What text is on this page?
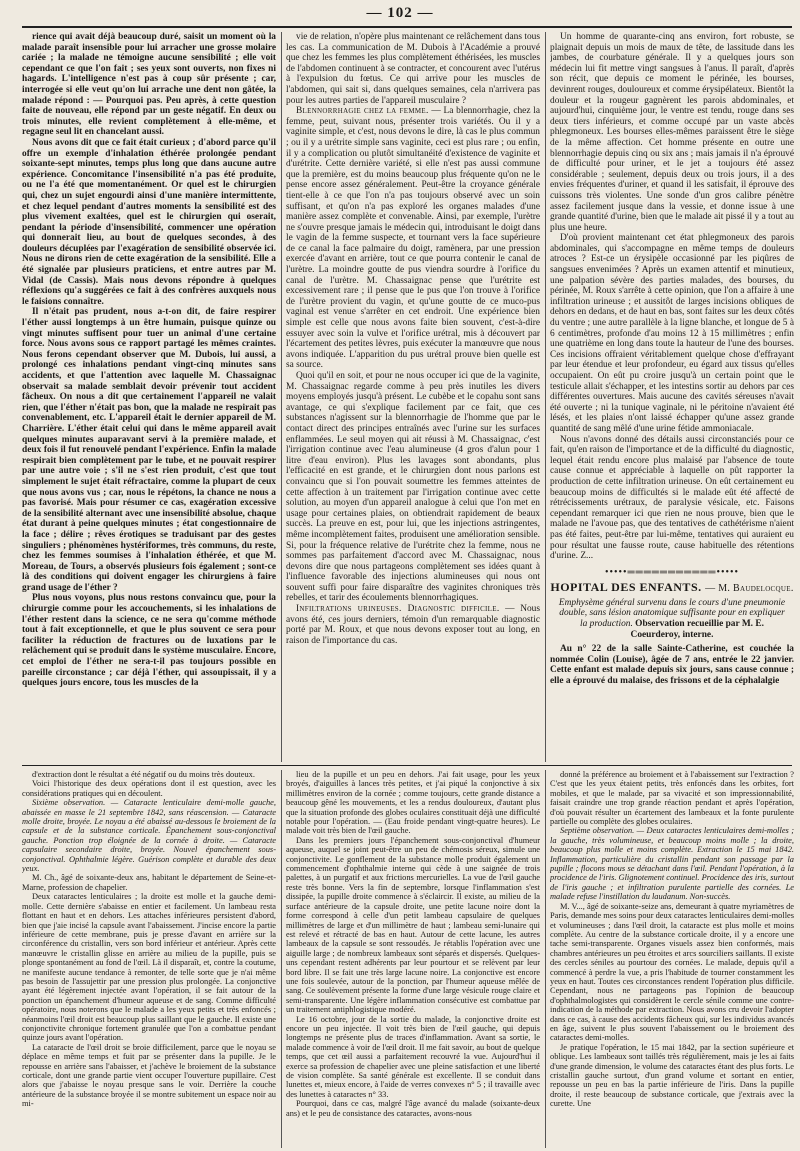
— 102 —

rience qui avait déjà beaucoup duré, saisit un moment où la malade paraît insensible pour lui arracher une grosse molaire cariée ; la malade ne témoigne aucune sensibilité ; elle voit cependant ce que l'on fait ; ses yeux sont ouverts, non fixes ni hagards. L'intelligence n'est pas à coup sûr présente ; car, interrogée si elle veut qu'on lui arrache une dent non gâtée, la malade répond : — Pourquoi pas. Peu après, à cette question faite de nouveau, elle répond par un geste négatif. En deux ou trois minutes, elle revient complètement à elle-même, et regagne seul lit en chancelant aussi.

Nous avons dit que ce fait était curieux ; d'abord parce qu'il offre un exemple d'inhalation éthérée prolongée pendant soixante-sept minutes, temps plus long que dans aucune autre expérience. Concomitance l'insensibilité n'a pas été produite, ou ne l'a été que momentanément. Or quel est le chirurgien qui, chez un sujet engourdi ainsi d'une manière intermittente, et chez lequel pendant d'autres moments la sensibilité est des plus vivement exaltées, quel est le chirurgien qui oserait, pendant la période d'insensibilité, commencer une opération qui donnerait lieu, au bout de quelques secondes, à des douleurs décuplées par l'exagération de sensibilité observée ici. Nous ne dirons rien de cette exagération de la sensibilité. Elle a été signalée par plusieurs praticiens, et entre autres par M. Vidal (de Cassis). Mais nous devons répondre à quelques réflexions qu'a suggérées ce fait à des confrères auxquels nous le faisions connaître.

Il n'était pas prudent, nous a-t-on dit, de faire respirer l'éther aussi longtemps à un être humain, puisque quinze ou vingt minutes suffisent pour tuer un animal d'une certaine force. Nous avons sous ce rapport partagé les mêmes craintes. Nous ferons cependant observer que M. Dubois, lui aussi, a prolongé ces inhalations pendant vingt-cinq minutes sans accidents, et que l'attention avec laquelle M. Chassaignac observait sa malade semblait devoir prévenir tout accident fâcheux. On nous a dit que certainement l'appareil ne valait rien, que l'éther n'était pas bon, que la malade ne respirait pas convenablement, etc. L'appareil était le dernier appareil de M. Charrière. L'éther était celui qui dans le même appareil avait quelques minutes auparavant servi à la première malade, et deux fois il fut renouvelé pendant l'expérience. Enfin la malade respirait bien complètement par le tube, et ne pouvait respirer par une autre voie ; s'il ne s'est rien produit, c'est que tout simplement le sujet était réfractaire, comme la plupart de ceux que nous avons vus ; car, nous le répétons, la chance ne nous a pas favorisé. Mais pour résumer ce cas, exagération excessive de la sensibilité alternant avec une insensibilité absolue, chaque état durant à peine quelques minutes ; état congestionnaire de la face ; délire ; rêves érotiques se traduisant par des gestes singuliers ; phénomènes hystériformes, très communs, du reste, chez les femmes soumises à l'inhalation éthérée, et que M. Moreau, de Tours, a observés plusieurs fois également ; sont-ce là des conditions qui doivent engager les chirurgiens à faire grand usage de l'éther ?

Plus nous voyons, plus nous restons convaincu que, pour la chirurgie comme pour les accouchements, si les inhalations de l'éther restent dans la science, ce ne sera qu'comme méthode tout à fait exceptionnelle, et que le plus souvent ce sera pour faciliter la réduction de fractures ou de luxations par le relâchement qui se produit dans le système musculaire. Encore, cet emploi de l'éther ne sera-t-il pas toujours possible en pareille circonstance ; car déjà l'éther, qui assoupissait, il y a quelques jours encore, tous les muscles de la

vie de relation, n'opère plus maintenant ce relâchement dans tous les cas. La communication de M. Dubois à l'Académie a prouvé que chez les femmes les plus complètement éthérisées, les muscles de l'abdomen continuent à se contracter, et concourent avec l'utérus à l'expulsion du fœtus. Ce qui arrive pour les muscles de l'abdomen, qui sait si, dans quelques semaines, cela n'arrivera pas pour les autres parties de l'appareil musculaire ?

Blennorrhagie chez la femme. — La blennorrhagie, chez la femme, peut, suivant nous, présenter trois variétés. Ou il y a vaginite simple, et c'est, nous devons le dire, là cas le plus commun ; ou il y a urétrite simple sans vaginite, ceci est plus rare ; ou enfin, il y a complication ou plutôt simultanéité d'existence de vaginite et d'urétrite. Cette dernière variété, si elle n'est pas aussi commune que la première, est du moins beaucoup plus fréquente qu'on ne le pense encore assez généralement. Peut-être la croyance générale tient-elle à ce que l'on n'a pas toujours observé avec un soin suffisant, et qu'on n'a pas exploré les organes malades d'une manière assez complète et convenable. Ainsi, par exemple, l'urètre ne s'ouvre presque jamais le médecin qui, introduisant le doigt dans le vagin de la femme suspecte, et tournant vers la face supérieure de ce canal la face palmaire du doigt, ramènera, par une pression exercée d'avant en arrière, tout ce que pourra contenir le canal de l'urètre. La moindre goutte de pus viendra sourdre à l'orifice du canal de l'urètre. M. Chassaignac pense que l'urétrite est excessivement rare ; il pense que le pus que l'on trouve à l'orifice de l'urètre provient du vagin, et qu'une goutte de ce muco-pus vaginal est venue s'arrêter en cet endroit. Une expérience bien simple est celle que nous avons faite bien souvent, c'est-à-dire essuyer avec soin la vulve et l'orifice urétral, mis à découvert par l'écartement des petites lèvres, puis exécuter la manœuvre que nous avons indiquée. L'apparition du pus urétral prouve bien quelle est sa source.

Quoi qu'il en soit, et pour ne nous occuper ici que de la vaginite, M. Chassaignac regarde comme à peu près inutiles les divers moyens employés jusqu'à présent. Le cubèbe et le copahu sont sans avantage, ce qui s'explique facilement par ce fait, que ces substances n'agissent sur la blennorrhagie de l'homme que par le contact direct des principes entraînés avec l'urine sur les surfaces enflammées. Le seul moyen qui ait réussi à M. Chassaignac, c'est l'irrigation continue avec l'eau alumineuse (4 gros d'alun pour 1 litre d'eau environ). Plus les lavages sont abondants, plus l'efficacité en est grande, et le chirurgien dont nous parlons est convaincu que si l'on pouvait soumettre les femmes atteintes de cette affection à un traitement par l'irrigation continue avec cette solution, au moyen d'un appareil analogue à celui que l'on met en usage pour certaines plaies, on obtiendrait rapidement de beaux succès. La preuve en est, pour lui, que les injections astringentes, même incomplètement faites, produisent une amélioration sensible. Si, pour la fréquence relative de l'urétrite chez la femme, nous ne sommes pas parfaitement d'accord avec M. Chassaignac, nous devons dire que nous partageons complètement ses idées quant à l'influence favorable des injections alumineuses qui nous ont souvent suffi pour faire disparaître des vaginites chroniques très rebelles, et tarir des écoulements blennorrhagiques.

Infiltrations urineuses. Diagnostic difficile. — Nous avons été, ces jours derniers, témoin d'un remarquable diagnostic porté par M. Roux, et que nous devons exposer tout au long, en raison de l'importance du cas.

Un homme de quarante-cinq ans environ, fort robuste, se plaignait depuis un mois de maux de tête, de lassitude dans les jambes, de courbature générale. Il y a quelques jours son médecin lui fit mettre vingt sangsues à l'anus. Il paraît, d'après son récit, que depuis ce moment le périnée, les bourses, devinrent rouges, douloureux et comme érysipélateux. Bientôt la douleur et la rougeur gagnèrent les parois abdominales, et aujourd'hui, cinquième jour, le ventre est tendu, rouge dans ses deux tiers inférieurs, et comme occupé par un vaste abcès phlegmoneux. Les bourses elles-mêmes paraissent être le siège de la même affection. Cet homme présente en outre une blennorrhagie depuis cinq ou six ans ; mais jamais il n'a éprouvé de difficulté pour uriner, et le jet a toujours été assez considérable ; seulement, depuis deux ou trois jours, il a des envies fréquentes d'uriner, et quand il les satisfait, il éprouve des cuissons très violentes. Une sonde d'un gros calibre pénètre assez facilement jusque dans la vessie, et donne issue à une grande quantité d'urine, bien que le malade ait pissé il y a tout au plus une heure.

D'où provient maintenant cet état phlegmoneux des parois abdominales, qui s'accompagne en même temps de douleurs atroces ? Est-ce un érysipèle occasionné par les piqûres de sangsues envenimées ? Après un examen attentif et minutieux, une palpation sévère des parties malades, des bourses, du périnée, M. Roux s'arrête à cette opinion, que l'on a affaire à une infiltration urineuse ; et aussitôt de larges incisions obliques de dehors en dedans, et de haut en bas, sont faites sur les deux côtés du ventre ; une autre parallèle à la ligne blanche, et longue de 5 à 6 centimètres, profonde d'au moins 12 à 15 millimètres ; enfin une quatrième en long dans toute la hauteur de l'une des bourses. Ces incisions offraient véritablement quelque chose d'effrayant par leur étendue et leur profondeur, eu égard aux tissus qu'elles occupaient. On eût pu croire jusqu'à un certain point que le testicule allait s'échapper, et les intestins sortir au dehors par ces différentes ouvertures. Mais aucune des cavités séreuses n'avait été ouverte ; ni la tunique vaginale, ni le péritoine n'avaient été lésés, et les plaies n'ont laissé échapper qu'une assez grande quantité de sang mêlé d'une urine fétide ammoniacale.

Nous n'avons donné des détails aussi circonstanciés pour ce fait, qu'en raison de l'importance et de la difficulté du diagnostic, lequel était rendu encore plus malaisé par l'absence de toute cause connue et appréciable à laquelle on pût rapporter la production de cette infiltration urineuse. On eût certainement eu beaucoup moins de difficultés si le malade eût été affecté de rétrécissements urétraux, de paralysie vésicale, etc. Faisons cependant remarquer ici que rien ne nous prouve, bien que le malade ne l'avoue pas, que des tentatives de cathétérisme n'aient pas été faites, peut-être par lui-même, tentatives qui auraient eu pour résultat une fausse route, cause habituelle des rétentions d'urine. Z...

•••••═══════════•••••
HOPITAL DES ENFANTS. — M. Baudelocque.
Emphysème général survenu dans le cours d'une pneumonie double, sans lésion anatomique suffisante pour en expliquer la production. Observation recueillie par M. E. Coeurderoy, interne.

Au n° 22 de la salle Sainte-Catherine, est couchée la nommée Colin (Louise), âgée de 7 ans, entrée le 22 janvier. Cette enfant est malade depuis six jours, sans cause connue ; elle a éprouvé du malaise, des frissons et de la céphalalgie

d'extraction dont le résultat a été négatif ou du moins très douteux.

Voici l'historique des deux opérations dont il est question, avec les considérations pratiques qui en découlent.

Sixième observation. — Cataracte lenticulaire demi-molle gauche, abaissée en masse le 21 septembre 1842, sans réascension. — Cataracte molle droite, broyée. Le noyau a été abaissé au-dessous le broiement de la capsule et de la substance corticale. Épanchement sous-conjonctival gauche. Ponction trop éloignée de la cornée à droite. — Cataracte capsulaire secondaire droite, broyée. Nouvel épanchement sous-conjonctival. Ophthalmie légère. Guérison complète et durable des deux yeux.

M. Ch., âgé de soixante-deux ans, habitant le département de Seine-et-Marne, profession de chapelier.

Deux cataractes lenticulaires ; la droite est molle et la gauche demi-molle. Cette dernière s'abaisse en entier et facilement. Un lambeau resta flottant en haut et en dehors. Les attaches inférieures persistent d'abord, bien que j'aie incisé la capsule avant l'abaissement. J'incise encore la partie inférieure de cette membrane, puis je presse d'avant en arrière sur la circonférence du cristallin, vers son bord inférieur et antérieur. Après cette manœuvre le cristallin glisse en arrière au milieu de la pupille, puis se plonge spontanément au fond de l'œil. Là il disparaît, et, contre la coutume, ne manifeste aucune tendance à remonter, de telle sorte que je n'ai même pas besoin de l'assujettir par une pression plus prolongée. La conjonctive ayant été légèrement injectée avant l'opération, il se fait autour de la ponction un épanchement d'humeur aqueuse et de sang. Comme difficulté opératoire, nous noterons que le malade a les yeux petits et très enfoncés ; néanmoins l'œil droit est beaucoup plus saillant que le gauche. Il existe une conjonctivite chronique fortement granulée que l'on a combattue pendant quinze jours avant l'opération.

La cataracte de l'œil droit se broie difficilement, parce que le noyau se déplace en même temps et fuit par se présenter dans la pupille. Je le repousse en arrière sans l'abaisser, et j'achève le broiement de la substance corticale, dont une grande partie vient occuper l'ouverture pupillaire. C'est alors que j'abaisse le noyau presque sans le voir. Derrière la couche antérieure de la substance broyée il se montre subitement un espace noir au mi-

lieu de la pupille et un peu en dehors. J'ai fait usage, pour les yeux broyés, d'aiguilles à lances très petites, et j'ai piqué la conjonctive à six millimètres environ de la cornée ; comme toujours, cette grande distance a beaucoup gêné les mouvements, et les a rendus douloureux, d'autant plus que la situation profonde des globes oculaires constituait déjà une difficulté notable pour l'opération. — (Eau froide pendant vingt-quatre heures). Le malade voit très bien de l'œil gauche.

Dans les premiers jours l'épanchement sous-conjonctival d'humeur aqueuse, auquel se joint peut-être un peu de chémosis séreux, simule une conjonctivite. Le gonflement de la substance molle produit également un commencement d'ophthalmie interne qui cède à une saignée de trois palettes, à un purgatif et aux frictions mercurielles. La vue de l'œil gauche reste très bonne. Vers la fin de septembre, lorsque l'inflammation s'est dissipée, la pupille droite commence à s'éclaircir. Il existe, au milieu de la surface antérieure de la capsule droite, une petite lacune noire dont la forme correspond à celle d'un petit lambeau capsulaire de quelques millimètres de large et d'un millimètre de haut ; lambeau semi-lunaire qui est relevé et rétracté de bas en haut. Autour de cette lacune, les autres lambeaux de la capsule se sont ressoudés. Je rétablis l'opération avec une aiguille large ; de nombreux lambeaux sont séparés et dispersés. Quelques-uns cependant restent adhérents par leur pourtour et se relèvent par leur bord libre. Il se fait une très large lacune noire. La conjonctive est encore une fois soulevée, autour de la ponction, par l'humeur aqueuse mêlée de sang. Ce soulèvement présente la forme d'une large vésicule rouge claire et semi-transparente. Une légère inflammation consécutive est combattue par un traitement antiphlogistique modéré.

Le 16 octobre, jour de la sortie du malade, la conjonctive droite est encore un peu injectée. Il voit très bien de l'œil gauche, qui depuis longtemps ne présente plus de traces d'inflammation. Avant sa sortie, le malade commence à voir de l'œil droit. Il me fait savoir, au bout de quelque temps, que cet œil aussi a parfaitement recouvré la vue. Aujourd'hui il exerce sa profession de chapelier avec une pleine satisfaction et une liberté de vision complète. Sa santé générale est excellente. Il se conduit dans lunettes et, mieux encore, à l'aide de verres convexes n° 5 ; il travaille avec des lunettes à cataractes n° 33.

Pourquoi, dans ce cas, malgré l'âge avancé du malade (soixante-deux ans) et le peu de consistance des cataractes, avons-nous

donné la préférence au broiement et à l'abaissement sur l'extraction ? C'est que les yeux étaient petits, très enfoncés dans les orbites, fort mobiles, et que le malade, par sa vivacité et son impressionnabilité, faisait craindre une trop grande réaction pendant et après l'opération, d'où pouvait résulter un écartement des lambeaux et la fonte purulente partielle ou complète des globes oculaires.

Septième observation. — Deux cataractes lenticulaires demi-molles ; la gauche, très volumineuse, et beaucoup moins molle ; la droite, beaucoup plus molle et moins complète. Extraction le 15 mai 1842. Inflammation, particulière du cristallin pendant son passage par la pupille ; flocons mous se détachant dans l'œil. Pendant l'opération, à la procidence de l'iris. Glignotement continuel. Procidence des iris, surtout de l'iris gauche ; et infiltration purulente partielle des cornées. Le malade refuse l'instillation du laudanum. Non-succès.

M. V..., âgé de soixante-seize ans, demeurant à quatre myriamètres de Paris, demande mes soins pour deux cataractes lenticulaires demi-molles et volumineuses ; dans l'œil droit, la cataracte est plus molle et moins complète. Au centre de la substance corticale droite, il y a encore une tache semi-transparente. Organes visuels assez bien conformés, mais chambres antérieures un peu étroites et arcs sourciliers saillants. Il existe des cercles séniles au pourtour des cornées. Le malade, depuis qu'il a commencé à perdre la vue, a pris l'habitude de tourner constamment les yeux en haut. Toutes ces circonstances rendent l'opération plus difficile. Cependant, nous ne partageons pas l'opinion de beaucoup d'ophthalmologistes qui considèrent le cercle sénile comme une contre-indication de la méthode par extraction. Nous avons cru devoir l'adopter dans ce cas, à cause des accidents fâcheux qui, sur les individus avancés en âge, suivent le plus souvent l'abaissement ou le broiement des cataractes demi-molles.

Je pratique l'opération, le 15 mai 1842, par la section supérieure et oblique. Les lambeaux sont taillés très régulièrement, mais je les ai faits d'une grande dimension, le volume des cataractes étant des plus forts. Le cristallin gauche surtout, d'un grand volume et sortant en entier, repousse un peu en bas la partie inférieure de l'iris. Dans la pupille droite, il reste beaucoup de substance corticale, que j'extrais avec la curette. Une
